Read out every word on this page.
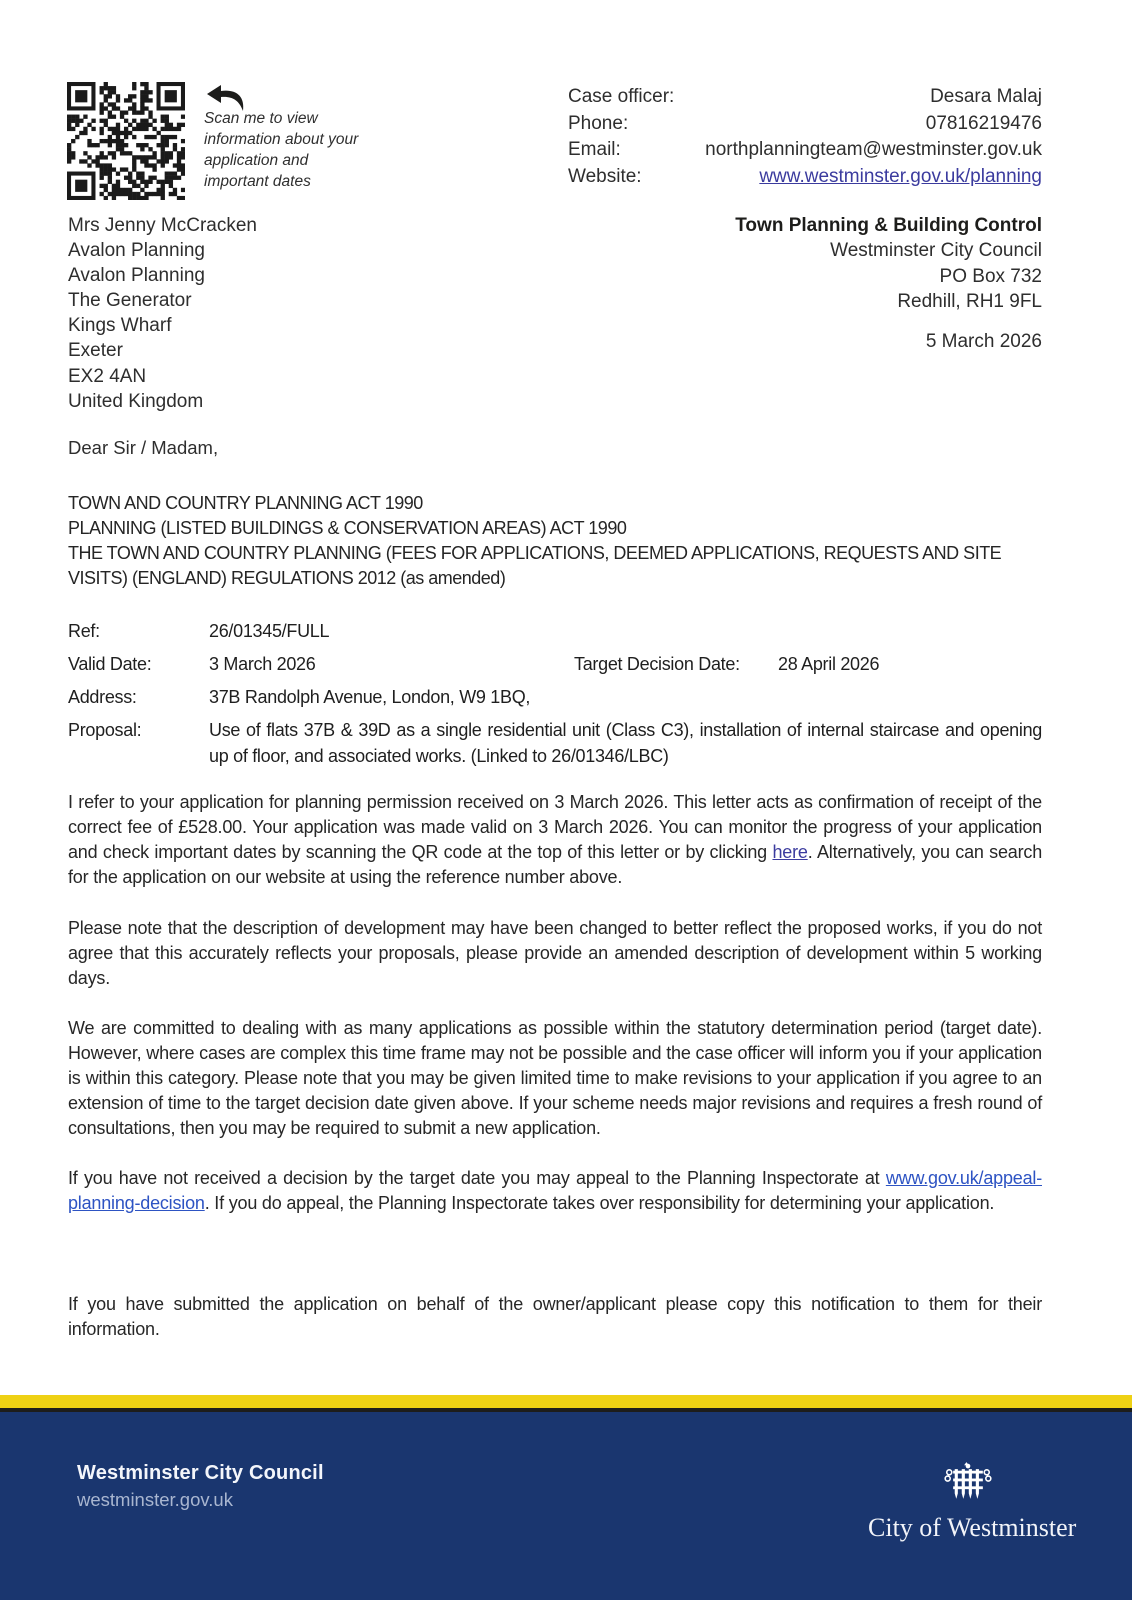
Scan me to view information about your application and important dates
Case officer:	Desara Malaj
Phone:	07816219476
Email:	northplanningteam@westminster.gov.uk
Website:	www.westminster.gov.uk/planning
Mrs Jenny McCracken
Avalon Planning
Avalon Planning
The Generator
Kings Wharf
Exeter
EX2 4AN
United Kingdom
Town Planning & Building Control
Westminster City Council
PO Box 732
Redhill, RH1 9FL
5 March 2026
Dear Sir / Madam,
TOWN AND COUNTRY PLANNING ACT 1990
PLANNING (LISTED BUILDINGS & CONSERVATION AREAS) ACT 1990
THE TOWN AND COUNTRY PLANNING (FEES FOR APPLICATIONS, DEEMED APPLICATIONS, REQUESTS AND SITE VISITS) (ENGLAND) REGULATIONS 2012 (as amended)
Ref:	26/01345/FULL
Valid Date:	3 March 2026	Target Decision Date: 28 April 2026
Address:	37B Randolph Avenue, London, W9 1BQ,
Proposal:	Use of flats 37B & 39D as a single residential unit (Class C3), installation of internal staircase and opening up of floor, and associated works. (Linked to 26/01346/LBC)
I refer to your application for planning permission received on 3 March 2026. This letter acts as confirmation of receipt of the correct fee of £528.00. Your application was made valid on 3 March 2026. You can monitor the progress of your application and check important dates by scanning the QR code at the top of this letter or by clicking here. Alternatively, you can search for the application on our website at using the reference number above.
Please note that the description of development may have been changed to better reflect the proposed works, if you do not agree that this accurately reflects your proposals, please provide an amended description of development within 5 working days.
We are committed to dealing with as many applications as possible within the statutory determination period (target date). However, where cases are complex this time frame may not be possible and the case officer will inform you if your application is within this category. Please note that you may be given limited time to make revisions to your application if you agree to an extension of time to the target decision date given above. If your scheme needs major revisions and requires a fresh round of consultations, then you may be required to submit a new application.
If you have not received a decision by the target date you may appeal to the Planning Inspectorate at www.gov.uk/appeal-planning-decision. If you do appeal, the Planning Inspectorate takes over responsibility for determining your application.
If you have submitted the application on behalf of the owner/applicant please copy this notification to them for their information.
Westminster City Council
westminster.gov.uk
City of Westminster
